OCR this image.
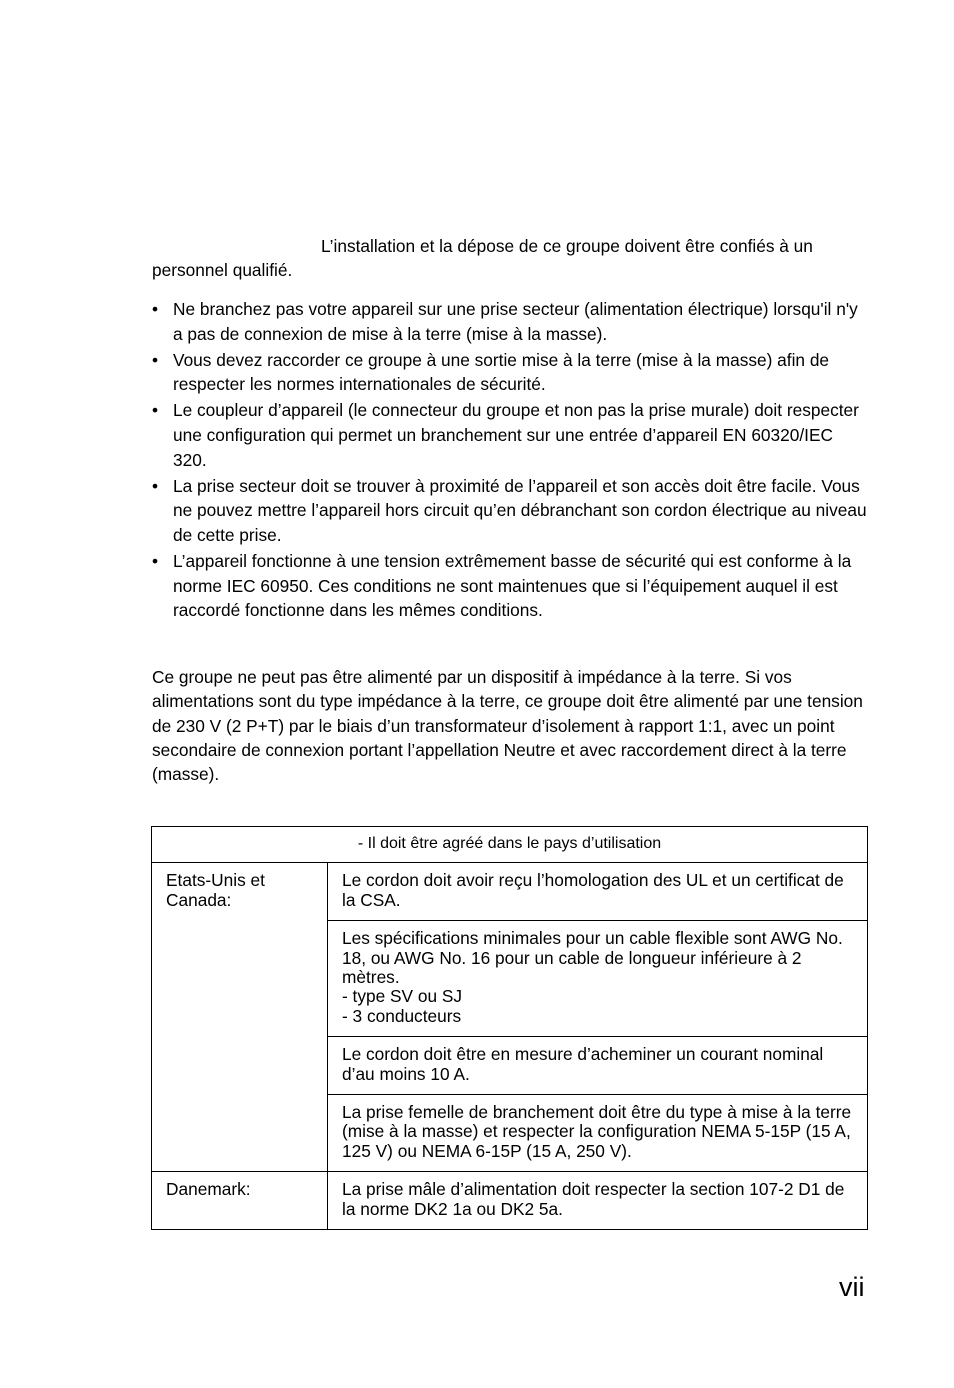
L’installation et la dépose de ce groupe doivent être confiés à un personnel qualifié.

• Ne branchez pas votre appareil sur une prise secteur (alimentation électrique) lorsqu'il n'y a pas de connexion de mise à la terre (mise à la masse).
• Vous devez raccorder ce groupe à une sortie mise à la terre (mise à la masse) afin de respecter les normes internationales de sécurité.
• Le coupleur d’appareil (le connecteur du groupe et non pas la prise murale) doit respecter une configuration qui permet un branchement sur une entrée d’appareil EN 60320/IEC 320.
• La prise secteur doit se trouver à proximité de l’appareil et son accès doit être facile. Vous ne pouvez mettre l’appareil hors circuit qu’en débranchant son cordon électrique au niveau de cette prise.
• L’appareil fonctionne à une tension extrêmement basse de sécurité qui est conforme à la norme IEC 60950. Ces conditions ne sont maintenues que si l’équipement auquel il est raccordé fonctionne dans les mêmes conditions.

Ce groupe ne peut pas être alimenté par un dispositif à impédance à la terre. Si vos alimentations sont du type impédance à la terre, ce groupe doit être alimenté par une tension de 230 V (2 P+T) par le biais d’un transformateur d’isolement à rapport 1:1, avec un point secondaire de connexion portant l’appellation Neutre et avec raccordement direct à la terre (masse).

- Il doit être agréé dans le pays d’utilisation	
Etats-Unis et Canada:	Le cordon doit avoir reçu l’homologation des UL et un certificat de la CSA.
	Les spécifications minimales pour un cable flexible sont AWG No. 18, ou AWG No. 16 pour un cable de longueur inférieure à 2 mètres.
- type SV ou SJ
- 3 conducteurs
	Le cordon doit être en mesure d’acheminer un courant nominal d’au moins 10 A.
	La prise femelle de branchement doit être du type à mise à la terre (mise à la masse) et respecter la configuration NEMA 5-15P (15 A, 125 V) ou NEMA 6-15P (15 A, 250 V).
Danemark:	La prise mâle d’alimentation doit respecter la section 107-2 D1 de la norme DK2 1a ou DK2 5a.
vii
